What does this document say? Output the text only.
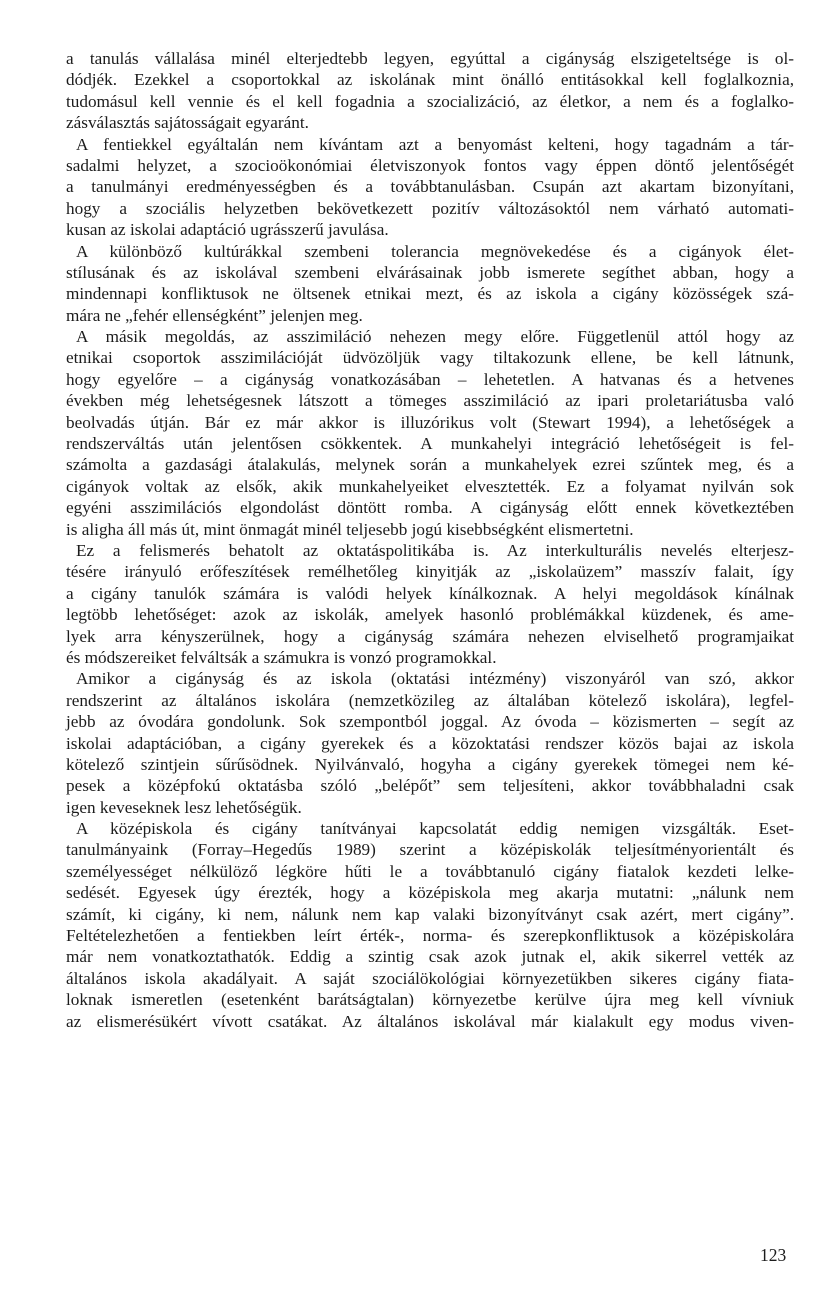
a tanulás vállalása minél elterjedtebb legyen, egyúttal a cigányság elszigeteltsége is ol-
dódjék. Ezekkel a csoportokkal az iskolának mint önálló entitásokkal kell foglalkoznia,
tudomásul kell vennie és el kell fogadnia a szocializáció, az életkor, a nem és a foglalko-
zásválasztás sajátosságait egyaránt.
A fentiekkel egyáltalán nem kívántam azt a benyomást kelteni, hogy tagadnám a tár-
sadalmi helyzet, a szocioökonómiai életviszonyok fontos vagy éppen döntő jelentőségét
a tanulmányi eredményességben és a továbbtanulásban. Csupán azt akartam bizonyítani,
hogy a szociális helyzetben bekövetkezett pozitív változásoktól nem várható automati-
kusan az iskolai adaptáció ugrásszerű javulása.
A különböző kultúrákkal szembeni tolerancia megnövekedése és a cigányok élet-
stílusának és az iskolával szembeni elvárásainak jobb ismerete segíthet abban, hogy a
mindennapi konfliktusok ne öltsenek etnikai mezt, és az iskola a cigány közösségek szá-
mára ne „fehér ellenségként” jelenjen meg.
A másik megoldás, az asszimiláció nehezen megy előre. Függetlenül attól hogy az
etnikai csoportok asszimilációját üdvözöljük vagy tiltakozunk ellene, be kell látnunk,
hogy egyelőre – a cigányság vonatkozásában – lehetetlen. A hatvanas és a hetvenes
években még lehetségesnek látszott a tömeges asszimiláció az ipari proletariátusba való
beolvadás útján. Bár ez már akkor is illuzórikus volt (Stewart 1994), a lehetőségek a
rendszerváltás után jelentősen csökkentek. A munkahelyi integráció lehetőségeit is fel-
számolta a gazdasági átalakulás, melynek során a munkahelyek ezrei szűntek meg, és a
cigányok voltak az elsők, akik munkahelyeiket elvesztették. Ez a folyamat nyilván sok
egyéni asszimilációs elgondolást döntött romba. A cigányság előtt ennek következtében
is aligha áll más út, mint önmagát minél teljesebb jogú kisebbségként elismertetni.
Ez a felismerés behatolt az oktatáspolitikába is. Az interkulturális nevelés elterjesz-
tésére irányuló erőfeszítések remélhetőleg kinyitják az „iskolaüzem” masszív falait, így
a cigány tanulók számára is valódi helyek kínálkoznak. A helyi megoldások kínálnak
legtöbb lehetőséget: azok az iskolák, amelyek hasonló problémákkal küzdenek, és ame-
lyek arra kényszerülnek, hogy a cigányság számára nehezen elviselhető programjaikat
és módszereiket felváltsák a számukra is vonzó programokkal.
Amikor a cigányság és az iskola (oktatási intézmény) viszonyáról van szó, akkor
rendszerint az általános iskolára (nemzetközileg az általában kötelező iskolára), legfel-
jebb az óvodára gondolunk. Sok szempontból joggal. Az óvoda – közismerten – segít az
iskolai adaptációban, a cigány gyerekek és a közoktatási rendszer közös bajai az iskola
kötelező szintjein sűrűsödnek. Nyilvánvaló, hogyha a cigány gyerekek tömegei nem ké-
pesek a középfokú oktatásba szóló „belépőt” sem teljesíteni, akkor továbbhaladni csak
igen keveseknek lesz lehetőségük.
A középiskola és cigány tanítványai kapcsolatát eddig nemigen vizsgálták. Eset-
tanulmányaink (Forray–Hegedűs 1989) szerint a középiskolák teljesítményorientált és
személyességet nélkülöző légköre hűti le a továbbtanuló cigány fiatalok kezdeti lelke-
sedését. Egyesek úgy érezték, hogy a középiskola meg akarja mutatni: „nálunk nem
számít, ki cigány, ki nem, nálunk nem kap valaki bizonyítványt csak azért, mert cigány”.
Feltételezhetően a fentiekben leírt érték-, norma- és szerepkonfliktusok a középiskolára
már nem vonatkoztathatók. Eddig a szintig csak azok jutnak el, akik sikerrel vették az
általános iskola akadályait. A saját szociálökológiai környezetükben sikeres cigány fiata-
loknak ismeretlen (esetenként barátságtalan) környezetbe kerülve újra meg kell vívniuk
az elismerésükért vívott csatákat. Az általános iskolával már kialakult egy modus viven-
123
